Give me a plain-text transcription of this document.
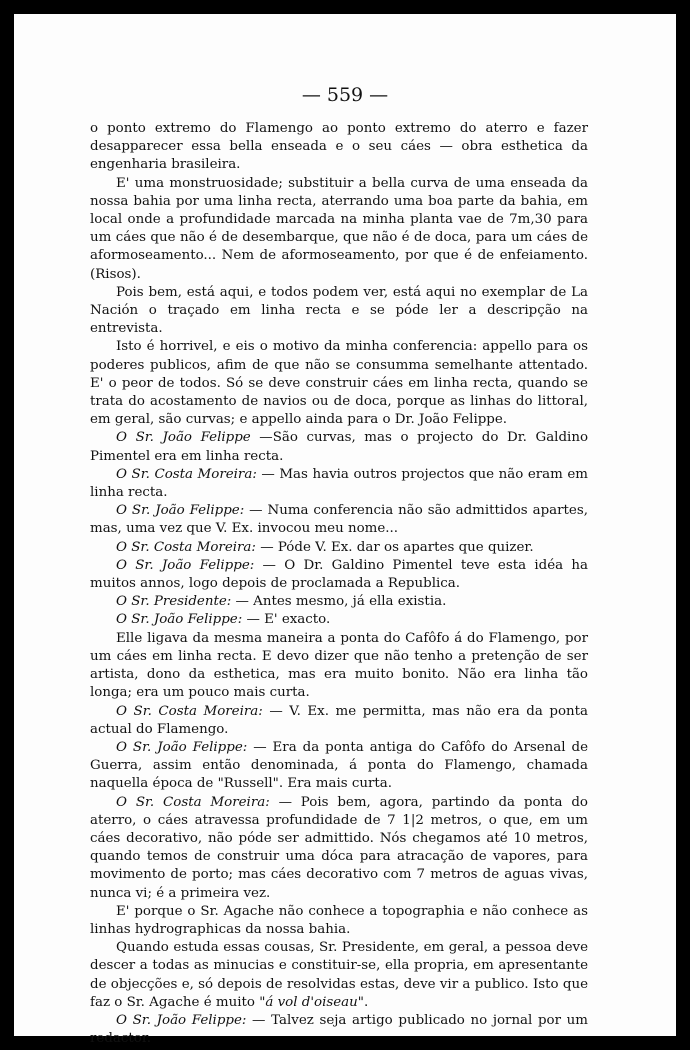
— 559 —

o ponto extremo do Flamengo ao ponto extremo do aterro e fazer desapparecer essa bella enseada e o seu cáes — obra esthetica da engenharia brasileira.

E' uma monstruosidade; substituir a bella curva de uma enseada da nossa bahia por uma linha recta, aterrando uma boa parte da bahia, em local onde a profundidade marcada na minha planta vae de 7m,30 para um cáes que não é de desembarque, que não é de doca, para um cáes de aformoseamento... Nem de aformoseamento, por que é de enfeiamento. (Risos).

Pois bem, está aqui, e todos podem ver, está aqui no exemplar de La Nación o traçado em linha recta e se póde ler a descripção na entrevista.

Isto é horrivel, e eis o motivo da minha conferencia: appello para os poderes publicos, afim de que não se consumma semelhante attentado. E' o peor de todos. Só se deve construir cáes em linha recta, quando se trata do acostamento de navios ou de doca, porque as linhas do littoral, em geral, são curvas; e appello ainda para o Dr. João Felippe.

O Sr. João Felippe —São curvas, mas o projecto do Dr. Galdino Pimentel era em linha recta.

O Sr. Costa Moreira: — Mas havia outros projectos que não eram em linha recta.

O Sr. João Felippe: — Numa conferencia não são admittidos apartes, mas, uma vez que V. Ex. invocou meu nome...

O Sr. Costa Moreira: — Póde V. Ex. dar os apartes que quizer.

O Sr. João Felippe: — O Dr. Galdino Pimentel teve esta idéa ha muitos annos, logo depois de proclamada a Republica.

O Sr. Presidente: — Antes mesmo, já ella existia.

O Sr. João Felippe: — E' exacto.

Elle ligava da mesma maneira a ponta do Cafôfo á do Flamengo, por um cáes em linha recta. E devo dizer que não tenho a pretenção de ser artista, dono da esthetica, mas era muito bonito. Não era linha tão longa; era um pouco mais curta.

O Sr. Costa Moreira: — V. Ex. me permitta, mas não era da ponta actual do Flamengo.

O Sr. João Felippe: — Era da ponta antiga do Cafôfo do Arsenal de Guerra, assim então denominada, á ponta do Flamengo, chamada naquella época de "Russell". Era mais curta.

O Sr. Costa Moreira: — Pois bem, agora, partindo da ponta do aterro, o cáes atravessa profundidade de 7 1|2 metros, o que, em um cáes decorativo, não póde ser admittido. Nós chegamos até 10 metros, quando temos de construir uma dóca para atracação de vapores, para movimento de porto; mas cáes decorativo com 7 metros de aguas vivas, nunca vi; é a primeira vez.

E' porque o Sr. Agache não conhece a topographia e não conhece as linhas hydrographicas da nossa bahia.

Quando estuda essas cousas, Sr. Presidente, em geral, a pessoa deve descer a todas as minucias e constituir-se, ella propria, em apresentante de objecções e, só depois de resolvidas estas, deve vir a publico. Isto que faz o Sr. Agache é muito "á vol d'oiseau".

O Sr. João Felippe: — Talvez seja artigo publicado no jornal por um redactor.
